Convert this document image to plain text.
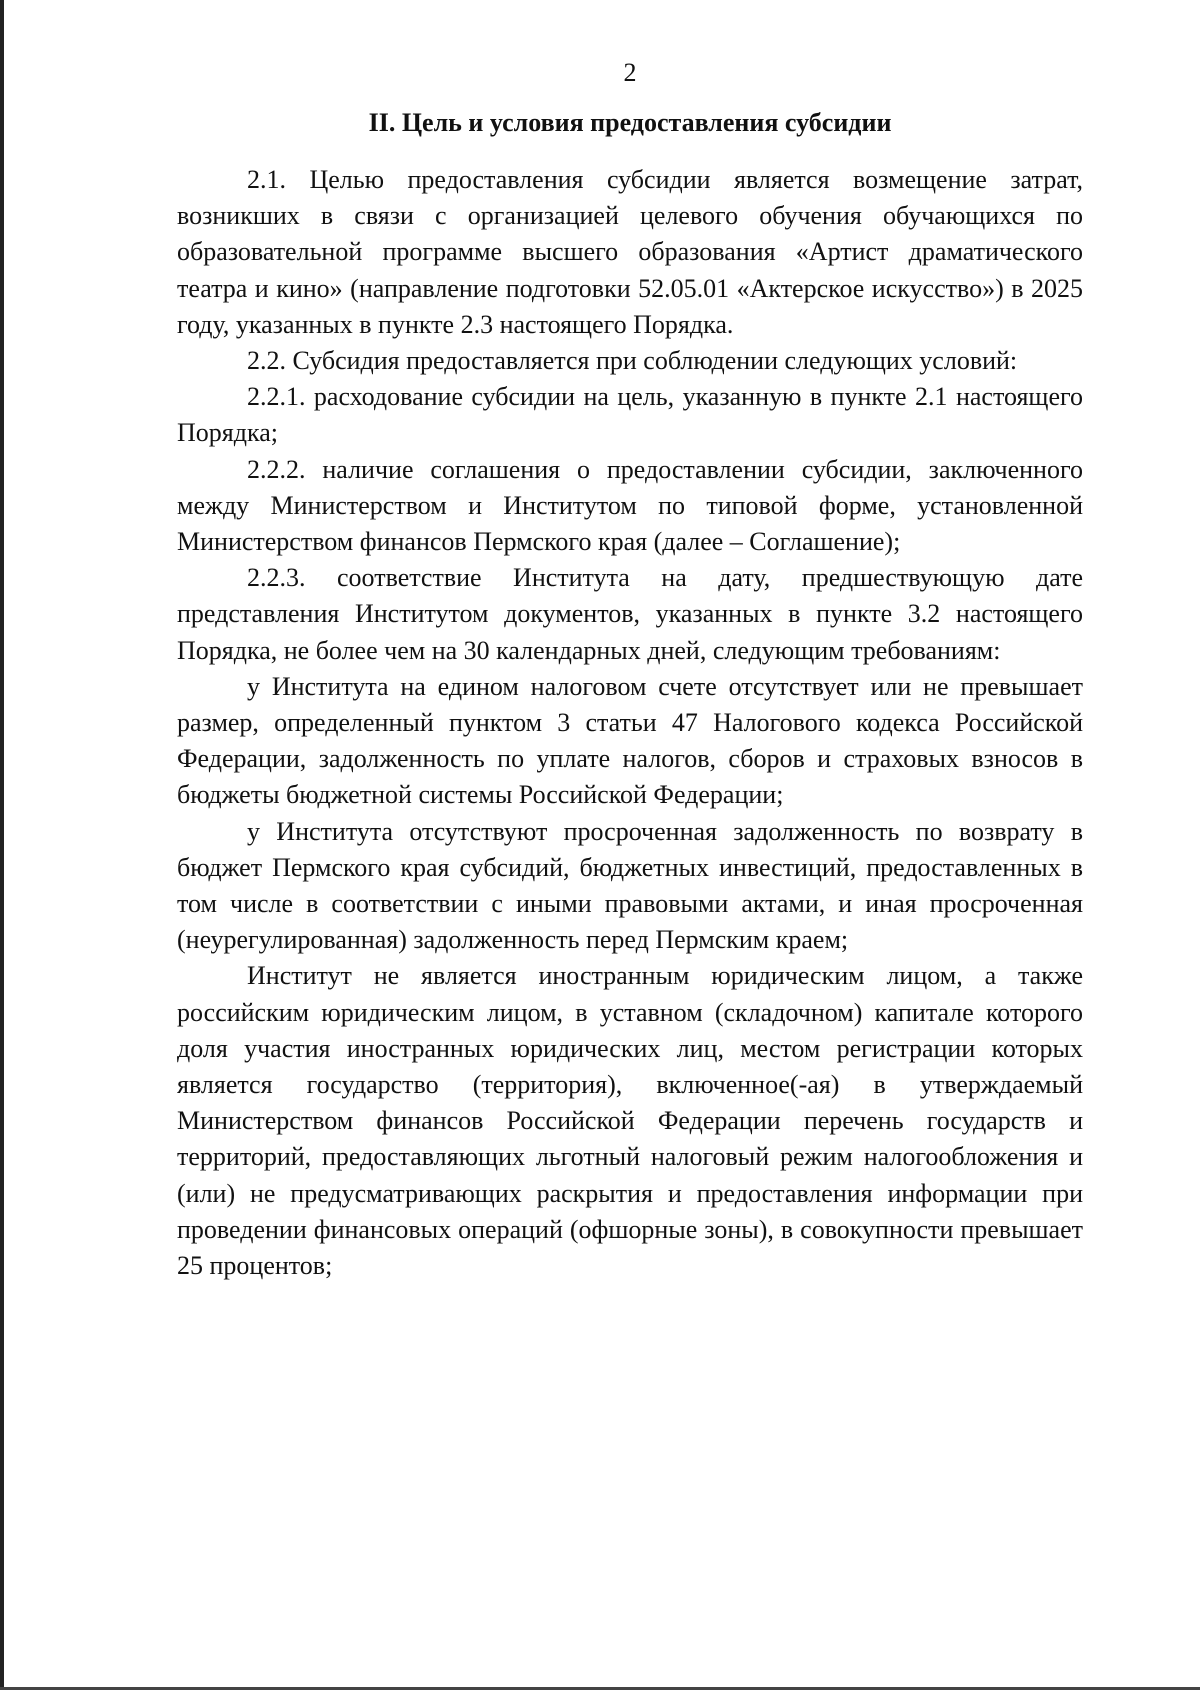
2
II. Цель и условия предоставления субсидии

2.1. Целью предоставления субсидии является возмещение затрат, возникших в связи с организацией целевого обучения обучающихся по образовательной программе высшего образования «Артист драматического театра и кино» (направление подготовки 52.05.01 «Актерское искусство») в 2025 году, указанных в пункте 2.3 настоящего Порядка.

2.2. Субсидия предоставляется при соблюдении следующих условий:

2.2.1. расходование субсидии на цель, указанную в пункте 2.1 настоящего Порядка;

2.2.2. наличие соглашения о предоставлении субсидии, заключенного между Министерством и Институтом по типовой форме, установленной Министерством финансов Пермского края (далее – Соглашение);

2.2.3. соответствие Института на дату, предшествующую дате представления Институтом документов, указанных в пункте 3.2 настоящего Порядка, не более чем на 30 календарных дней, следующим требованиям:

у Института на едином налоговом счете отсутствует или не превышает размер, определенный пунктом 3 статьи 47 Налогового кодекса Российской Федерации, задолженность по уплате налогов, сборов и страховых взносов в бюджеты бюджетной системы Российской Федерации;

у Института отсутствуют просроченная задолженность по возврату в бюджет Пермского края субсидий, бюджетных инвестиций, предоставленных в том числе в соответствии с иными правовыми актами, и иная просроченная (неурегулированная) задолженность перед Пермским краем;

Институт не является иностранным юридическим лицом, а также российским юридическим лицом, в уставном (складочном) капитале которого доля участия иностранных юридических лиц, местом регистрации которых является государство (территория), включенное(-ая) в утверждаемый Министерством финансов Российской Федерации перечень государств и территорий, предоставляющих льготный налоговый режим налогообложения и (или) не предусматривающих раскрытия и предоставления информации при проведении финансовых операций (офшорные зоны), в совокупности превышает 25 процентов;
